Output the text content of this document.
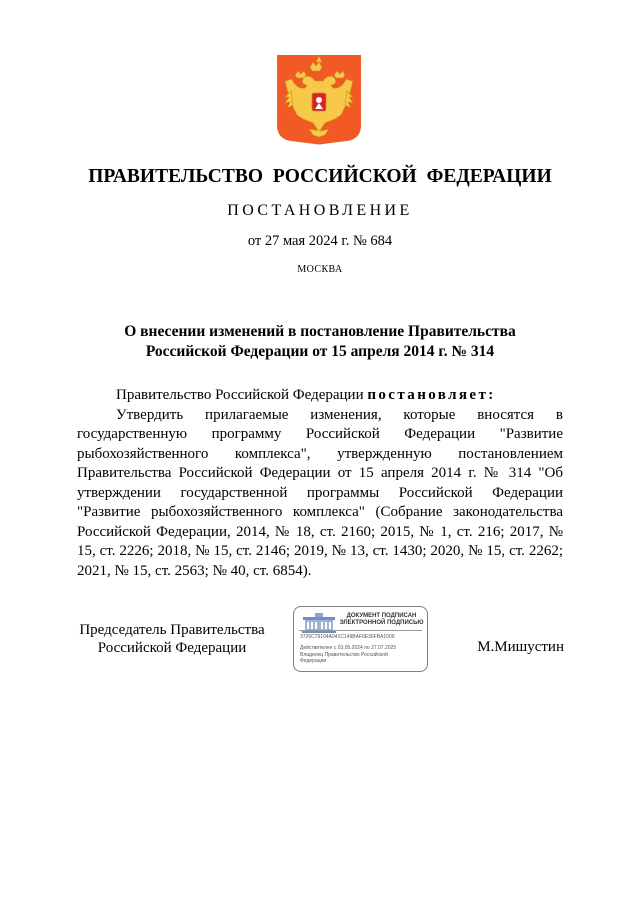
ПРАВИТЕЛЬСТВО РОССИЙСКОЙ ФЕДЕРАЦИИ
ПОСТАНОВЛЕНИЕ
от 27 мая 2024 г. № 684
МОСКВА
О внесении изменений в постановление Правительства
Российской Федерации от 15 апреля 2014 г. № 314

Правительство Российской Федерации постановляет:

Утвердить прилагаемые изменения, которые вносятся в государственную программу Российской Федерации "Развитие рыбохозяйственного комплекса", утвержденную постановлением Правительства Российской Федерации от 15 апреля 2014 г. № 314 "Об утверждении государственной программы Российской Федерации "Развитие рыбохозяйственного комплекса" (Собрание законодательства Российской Федерации, 2014, № 18, ст. 2160; 2015, № 1, ст. 216; 2017, № 15, ст. 2226; 2018, № 15, ст. 2146; 2019, № 13, ст. 1430; 2020, № 15, ст. 2262; 2021, № 15, ст. 2563; № 40, ст. 6854).

Председатель Правительства
Российской Федерации
ДОКУМЕНТ ПОДПИСАН
ЭЛЕКТРОННОЙ ПОДПИСЬЮ
3726C79104A041C149BAF0E36FBA1009
Действителен с 03.05.2024 по 27.07.2025
Владелец Правительство Российской
Федерации
М.Мишустин
